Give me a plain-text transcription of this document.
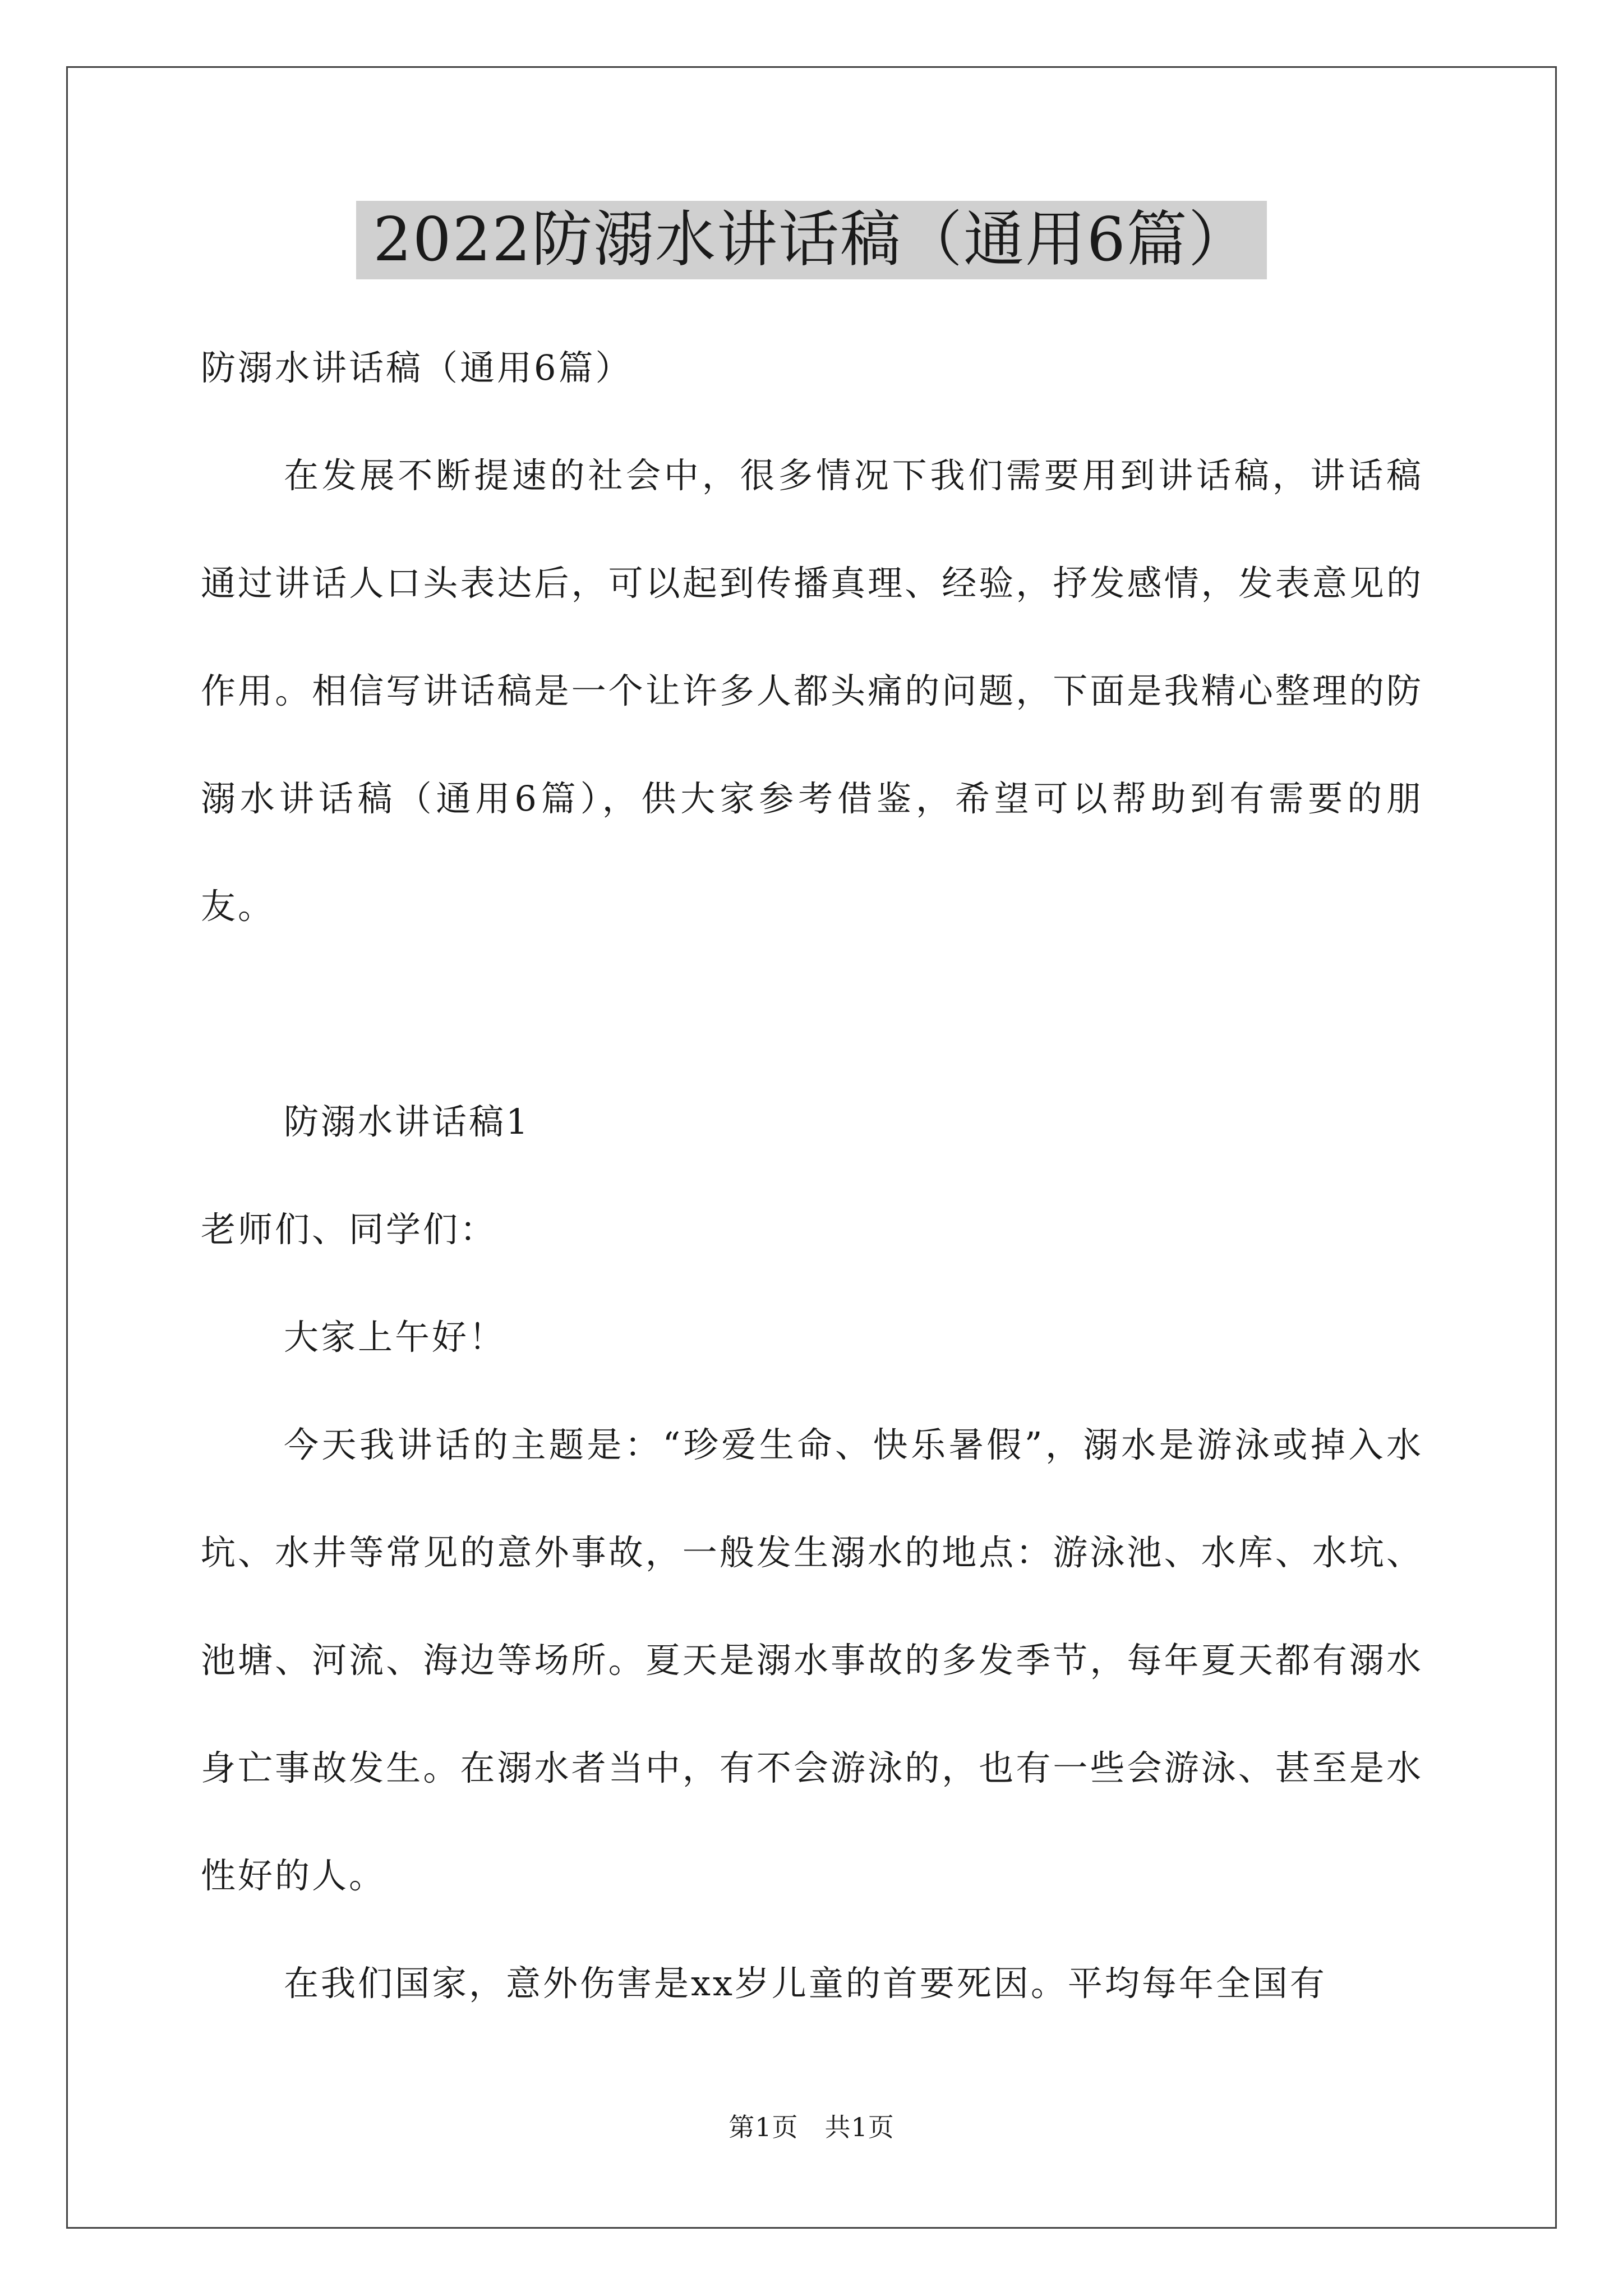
2022防溺水讲话稿（通用6篇）

防溺水讲话稿（通用6篇）

在发展不断提速的社会中，很多情况下我们需要用到讲话稿，讲话稿通过讲话人口头表达后，可以起到传播真理、经验，抒发感情，发表意见的作用。相信写讲话稿是一个让许多人都头痛的问题，下面是我精心整理的防溺水讲话稿（通用6篇），供大家参考借鉴，希望可以帮助到有需要的朋友。

防溺水讲话稿1

老师们、同学们：

大家上午好！

今天我讲话的主题是：“珍爱生命、快乐暑假”，溺水是游泳或掉入水坑、水井等常见的意外事故，一般发生溺水的地点：游泳池、水库、水坑、池塘、河流、海边等场所。夏天是溺水事故的多发季节，每年夏天都有溺水身亡事故发生。在溺水者当中，有不会游泳的，也有一些会游泳、甚至是水性好的人。

在我们国家，意外伤害是xx岁儿童的首要死因。平均每年全国有

第1页　共1页
